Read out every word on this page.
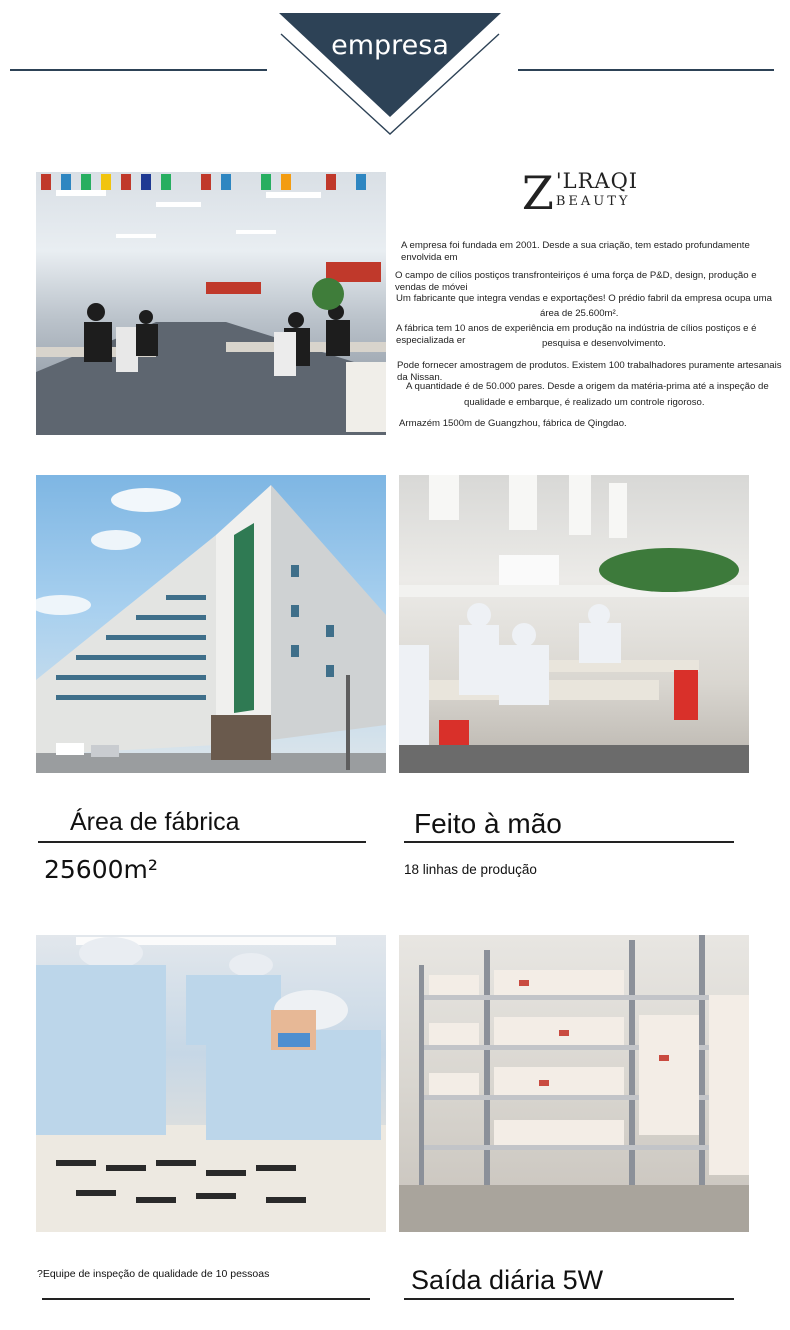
empresa
Z 'LRAQI
BEAUTY
A empresa foi fundada em 2001. Desde a sua criação, tem estado profundamente envolvida em
O campo de cílios postiços transfronteiriços é uma força de P&D, design, produção e vendas de móvei
Um fabricante que integra vendas e exportações! O prédio fabril da empresa ocupa uma
área de 25.600m².
A fábrica tem 10 anos de experiência em produção na indústria de cílios postiços e é especializada er	pesquisa e desenvolvimento.
Pode fornecer amostragem de produtos. Existem 100 trabalhadores puramente artesanais da Nissan.
A quantidade é de 50.000 pares. Desde a origem da matéria-prima até a inspeção de
qualidade e embarque, é realizado um controle rigoroso.
Armazém 1500m de Guangzhou, fábrica de Qingdao.
Área de fábrica
25600m²
Feito à mão
18 linhas de produção
?Equipe de inspeção de qualidade de 10 pessoas	Saída diária 5W
